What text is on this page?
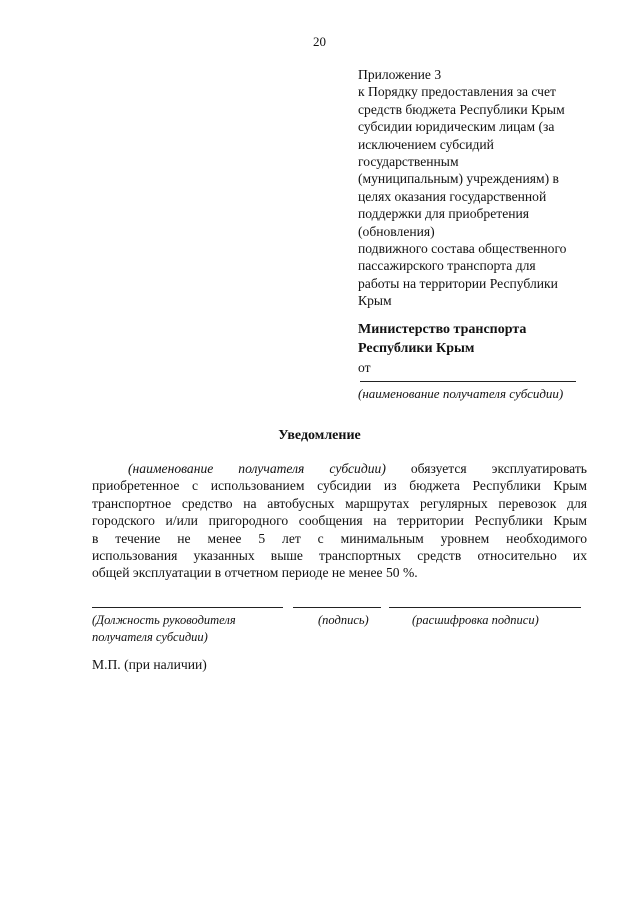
20
Приложение 3
к Порядку предоставления за счет
средств бюджета Республики Крым
субсидии юридическим лицам (за
исключением субсидий
государственным
(муниципальным) учреждениям) в
целях оказания государственной
поддержки для приобретения
(обновления)
подвижного состава общественного
пассажирского транспорта для
работы на территории Республики
Крым
Министерство транспорта
Республики Крым
от
(наименование получателя субсидии)
Уведомление
(наименование получателя субсидии) обязуется эксплуатировать
приобретенное с использованием субсидии из бюджета Республики Крым
транспортное средство на автобусных маршрутах регулярных перевозок для
городского и/или пригородного сообщения на территории Республики Крым
в течение не менее 5 лет с минимальным уровнем необходимого
использования указанных выше транспортных средств относительно их
общей эксплуатации в отчетном периоде не менее 50 %.
(Должность руководителя
получателя субсидии)
(подпись)	(расшифровка подписи)
М.П. (при наличии)
